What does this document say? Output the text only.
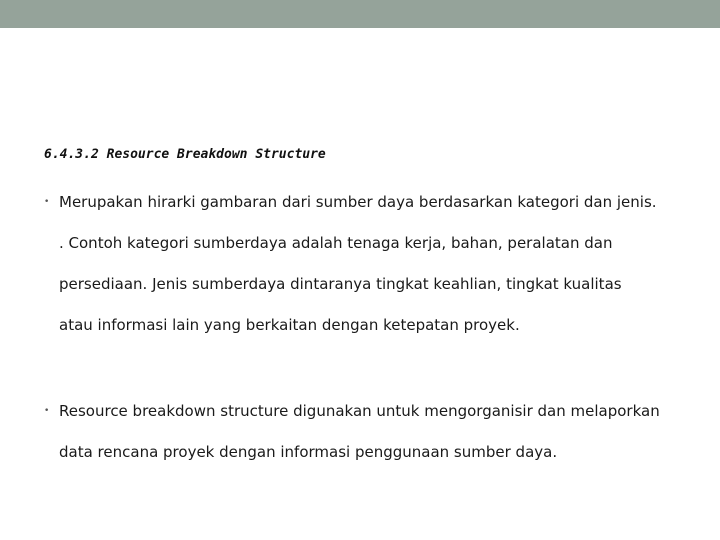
6.4.3.2 Resource Breakdown Structure
• Merupakan hirarki gambaran dari sumber daya berdasarkan kategori dan jenis.
. Contoh kategori sumberdaya adalah tenaga kerja, bahan, peralatan dan
persediaan. Jenis sumberdaya dintaranya tingkat keahlian, tingkat kualitas
atau informasi lain yang berkaitan dengan ketepatan proyek.
• Resource breakdown structure digunakan untuk mengorganisir dan melaporkan
data rencana proyek dengan informasi penggunaan sumber daya.
